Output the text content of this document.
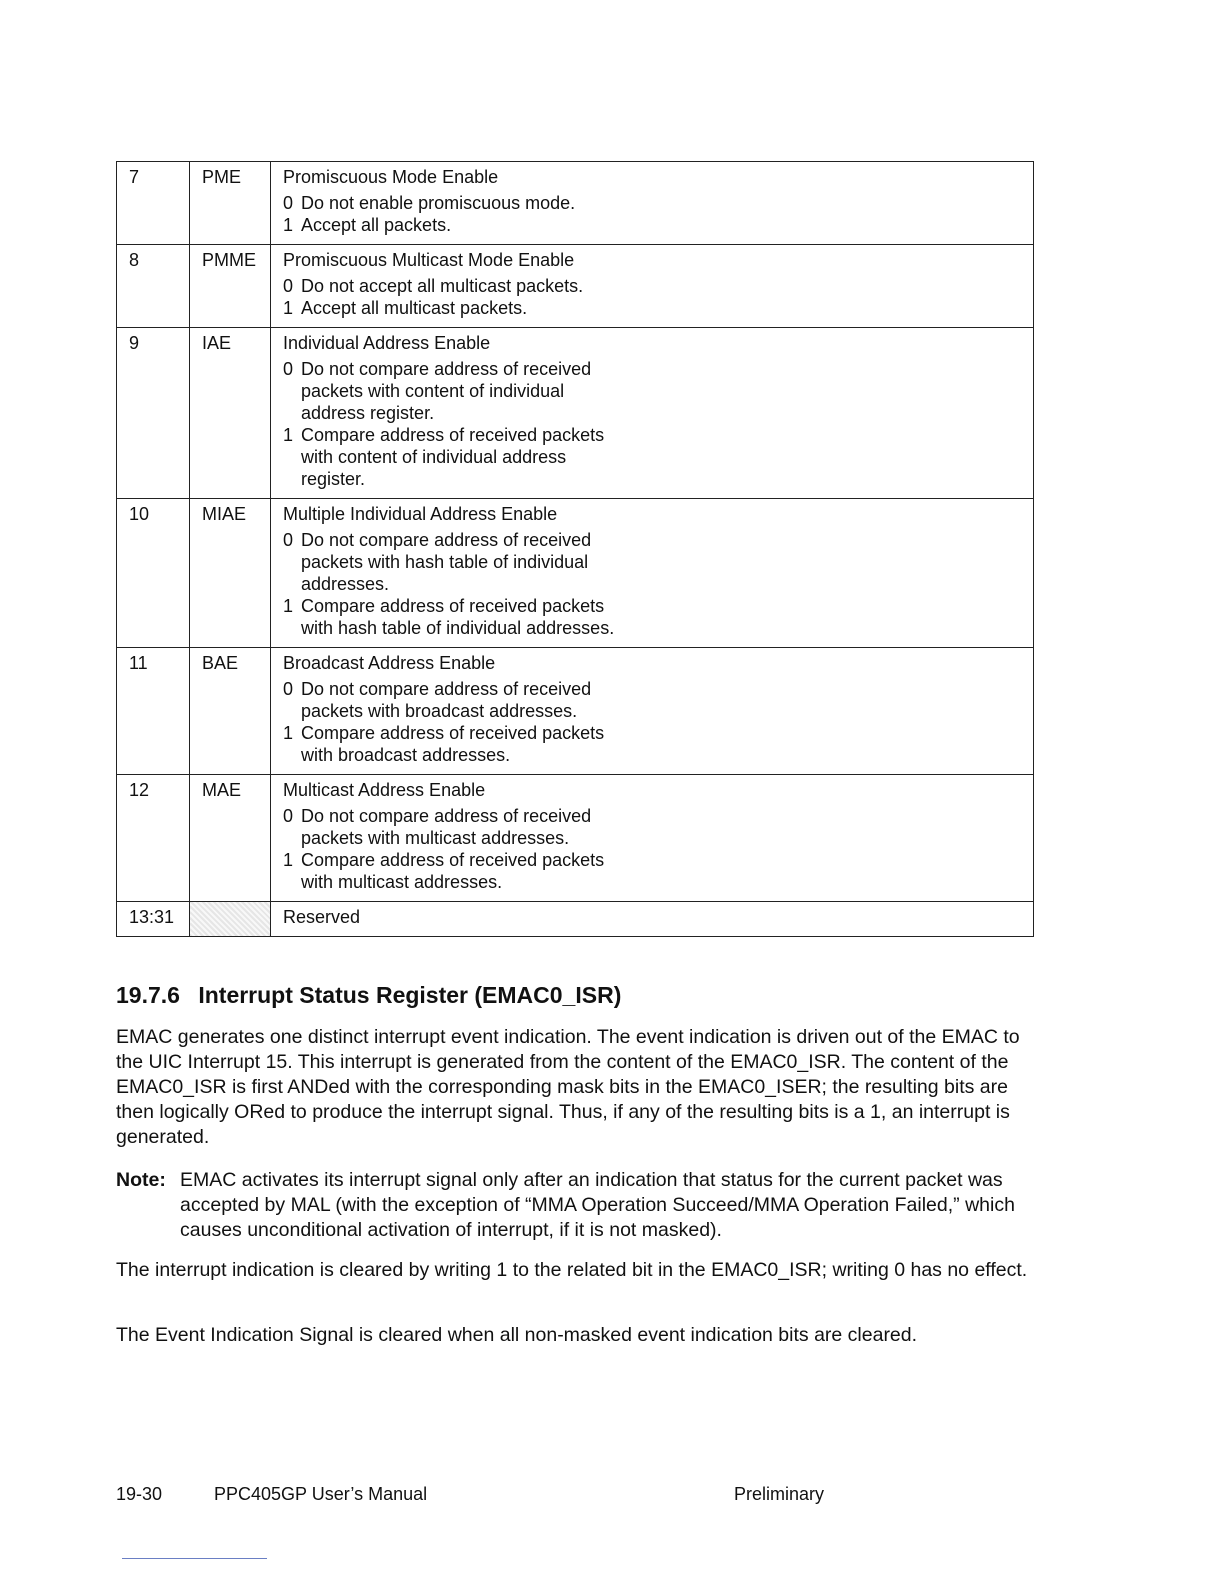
7	PME	Promiscuous Mode Enable
0 Do not enable promiscuous mode.
1 Accept all packets.

8	PMME	Promiscuous Multicast Mode Enable
0 Do not accept all multicast packets.
1 Accept all multicast packets.

9	IAE	Individual Address Enable
0 Do not compare address of received packets with content of individual address register.
1 Compare address of received packets with content of individual address register.

10	MIAE	Multiple Individual Address Enable
0 Do not compare address of received packets with hash table of individual addresses.
1 Compare address of received packets with hash table of individual addresses.

11	BAE	Broadcast Address Enable
0 Do not compare address of received packets with broadcast addresses.
1 Compare address of received packets with broadcast addresses.

12	MAE	Multicast Address Enable
0 Do not compare address of received packets with multicast addresses.
1 Compare address of received packets with multicast addresses.

13:31		Reserved
19.7.6 Interrupt Status Register (EMAC0_ISR)

EMAC generates one distinct interrupt event indication. The event indication is driven out of the EMAC to the UIC Interrupt 15. This interrupt is generated from the content of the EMAC0_ISR. The content of the EMAC0_ISR is first ANDed with the corresponding mask bits in the EMAC0_ISER; the resulting bits are then logically ORed to produce the interrupt signal. Thus, if any of the resulting bits is a 1, an interrupt is generated.

Note: EMAC activates its interrupt signal only after an indication that status for the current packet was accepted by MAL (with the exception of “MMA Operation Succeed/MMA Operation Failed,” which causes unconditional activation of interrupt, if it is not masked).

The interrupt indication is cleared by writing 1 to the related bit in the EMAC0_ISR; writing 0 has no effect.

The Event Indication Signal is cleared when all non-masked event indication bits are cleared.

19-30	PPC405GP User’s Manual	Preliminary
